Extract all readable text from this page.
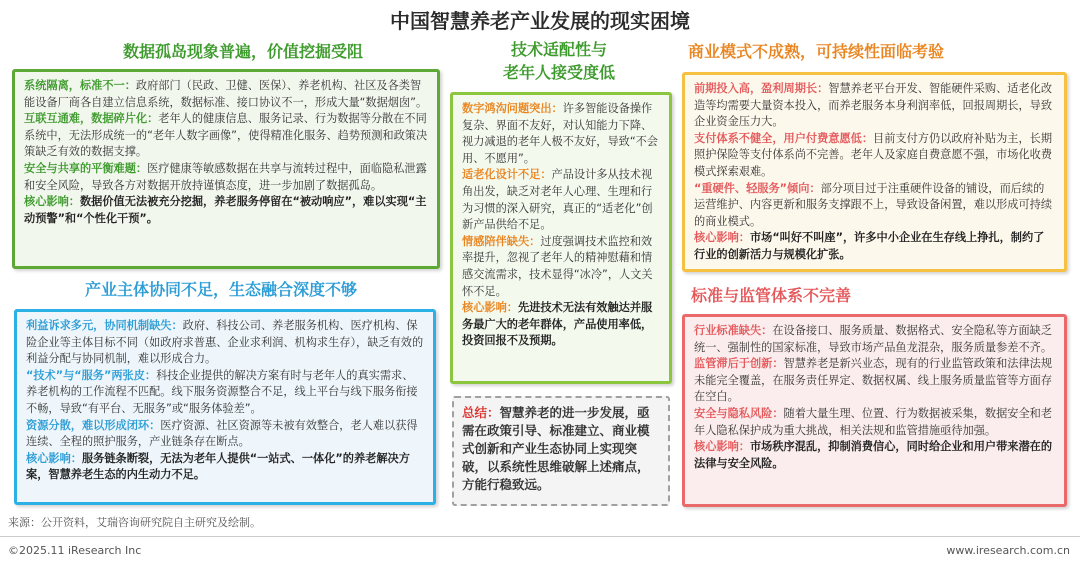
中国智慧养老产业发展的现实困境
数据孤岛现象普遍，价值挖掘受阻

系统隔离，标准不一：政府部门（民政、卫健、医保）、养老机构、社区及各类智能设备厂商各自建立信息系统，数据标准、接口协议不一，形成大量“数据烟囱”。

互联互通难，数据碎片化：老年人的健康信息、服务记录、行为数据等分散在不同系统中，无法形成统一的“老年人数字画像”，使得精准化服务、趋势预测和政策决策缺乏有效的数据支撑。

安全与共享的平衡难题：医疗健康等敏感数据在共享与流转过程中，面临隐私泄露和安全风险，导致各方对数据开放持谨慎态度，进一步加剧了数据孤岛。

核心影响：数据价值无法被充分挖掘，养老服务停留在“被动响应”，难以实现“主动预警”和“个性化干预”。

技术适配性与
老年人接受度低

数字鸿沟问题突出：许多智能设备操作复杂、界面不友好，对认知能力下降、视力减退的老年人极不友好，导致“不会用、不愿用”。

适老化设计不足：产品设计多从技术视角出发，缺乏对老年人心理、生理和行为习惯的深入研究，真正的“适老化”创新产品供给不足。

情感陪伴缺失：过度强调技术监控和效率提升，忽视了老年人的精神慰藉和情感交流需求，技术显得“冰冷”，人文关怀不足。

核心影响：先进技术无法有效触达并服务最广大的老年群体，产品使用率低，投资回报不及预期。

商业模式不成熟，可持续性面临考验

前期投入高，盈利周期长：智慧养老平台开发、智能硬件采购、适老化改造等均需要大量资本投入，而养老服务本身利润率低，回报周期长，导致企业资金压力大。

支付体系不健全，用户付费意愿低：目前支付方仍以政府补贴为主，长期照护保险等支付体系尚不完善。老年人及家庭自费意愿不强，市场化收费模式探索艰难。

“重硬件、轻服务”倾向：部分项目过于注重硬件设备的铺设，而后续的运营维护、内容更新和服务支撑跟不上，导致设备闲置，难以形成可持续的商业模式。

核心影响：市场“叫好不叫座”，许多中小企业在生存线上挣扎，制约了行业的创新活力与规模化扩张。

产业主体协同不足，生态融合深度不够

利益诉求多元，协同机制缺失：政府、科技公司、养老服务机构、医疗机构、保险企业等主体目标不同（如政府求普惠、企业求利润、机构求生存），缺乏有效的利益分配与协同机制，难以形成合力。

“技术”与“服务”两张皮：科技企业提供的解决方案有时与老年人的真实需求、养老机构的工作流程不匹配。线下服务资源整合不足，线上平台与线下服务衔接不畅，导致“有平台、无服务”或“服务体验差”。

资源分散，难以形成闭环：医疗资源、社区资源等未被有效整合，老人难以获得连续、全程的照护服务，产业链条存在断点。

核心影响：服务链条断裂，无法为老年人提供“一站式、一体化”的养老解决方案，智慧养老生态的内生动力不足。

总结：智慧养老的进一步发展，亟需在政策引导、标准建立、商业模式创新和产业生态协同上实现突破，以系统性思维破解上述痛点，方能行稳致远。
标准与监管体系不完善

行业标准缺失：在设备接口、服务质量、数据格式、安全隐私等方面缺乏统一、强制性的国家标准，导致市场产品鱼龙混杂，服务质量参差不齐。

监管滞后于创新：智慧养老是新兴业态，现有的行业监管政策和法律法规未能完全覆盖，在服务责任界定、数据权属、线上服务质量监管等方面存在空白。

安全与隐私风险：随着大量生理、位置、行为数据被采集，数据安全和老年人隐私保护成为重大挑战，相关法规和监管措施亟待加强。

核心影响：市场秩序混乱，抑制消费信心，同时给企业和用户带来潜在的法律与安全风险。

来源：公开资料，艾瑞咨询研究院自主研究及绘制。
©2025.11 iResearch Inc	www.iresearch.com.cn
